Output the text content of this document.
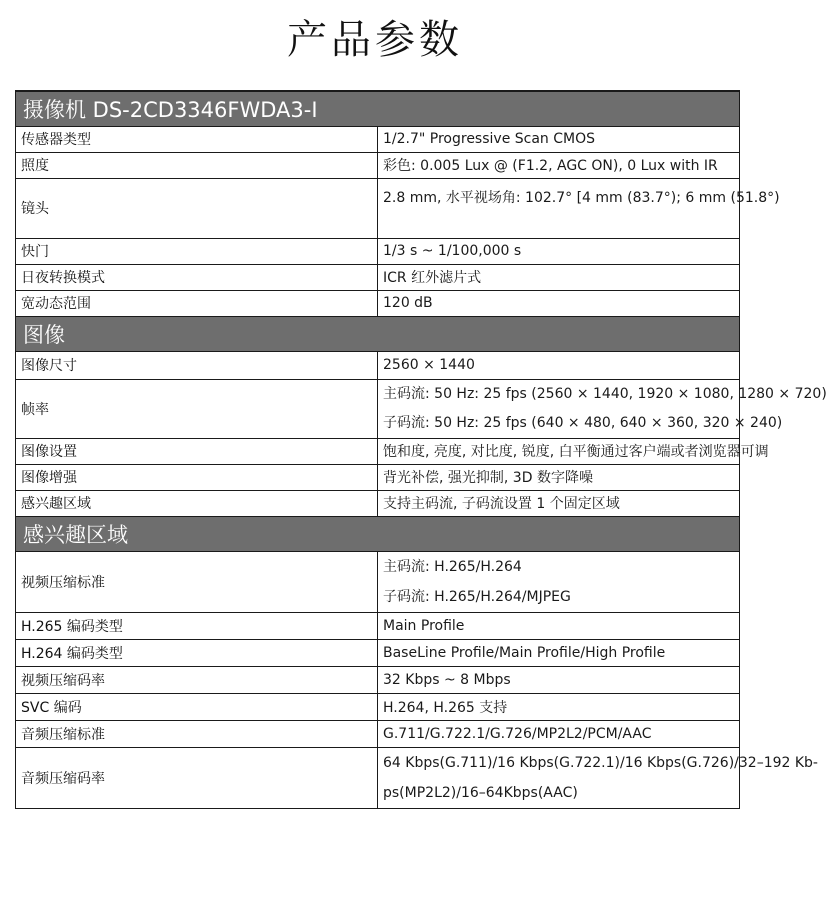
产品参数
摄像机 DS-2CD3346FWDA3-I	
传感器类型	1/2.7" Progressive Scan CMOS
照度	彩色: 0.005 Lux @ (F1.2, AGC ON), 0 Lux with IR
镜头	2.8 mm, 水平视场角: 102.7° [4 mm (83.7°); 6 mm (51.8°)
快门	1/3 s ~ 1/100,000 s
日夜转换模式	ICR 红外滤片式
宽动态范围	120 dB
图像	
图像尺寸	2560 × 1440
帧率	主码流: 50 Hz: 25 fps (2560 × 1440, 1920 × 1080, 1280 × 720)
子码流: 50 Hz: 25 fps (640 × 480, 640 × 360, 320 × 240)

图像设置	饱和度, 亮度, 对比度, 锐度, 白平衡通过客户端或者浏览器可调
图像增强	背光补偿, 强光抑制, 3D 数字降噪
感兴趣区域	支持主码流, 子码流设置 1 个固定区域
感兴趣区域	
视频压缩标准	主码流: H.265/H.264
子码流: H.265/H.264/MJPEG

H.265 编码类型	Main Profile
H.264 编码类型	BaseLine Profile/Main Profile/High Profile
视频压缩码率	32 Kbps ~ 8 Mbps
SVC 编码	H.264, H.265 支持
音频压缩标准	G.711/G.722.1/G.726/MP2L2/PCM/AAC
音频压缩码率	64 Kbps(G.711)/16 Kbps(G.722.1)/16 Kbps(G.726)/32–192 Kb-
ps(MP2L2)/16–64Kbps(AAC)
